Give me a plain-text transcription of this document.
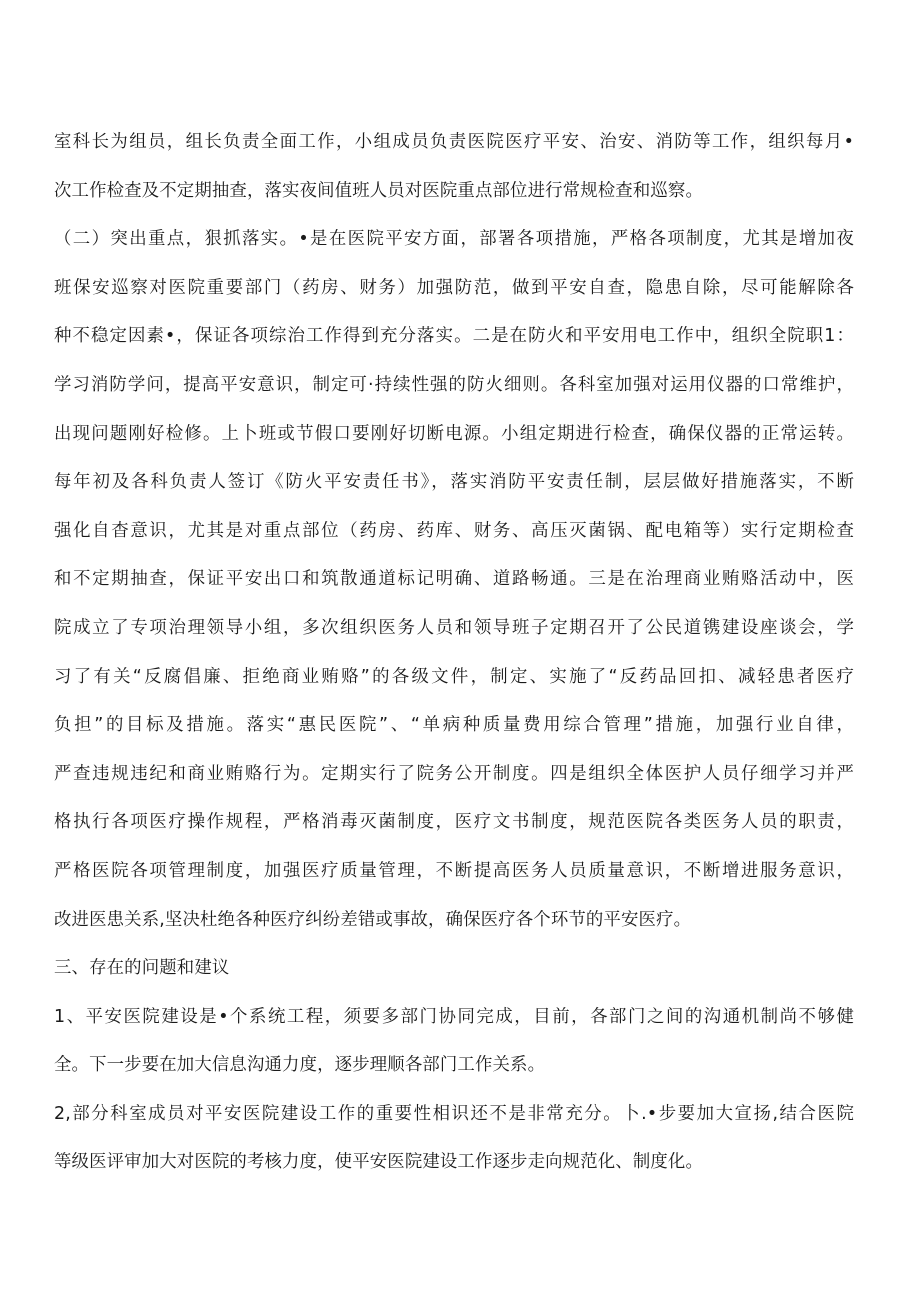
室科长为组员，组长负责全面工作，小组成员负责医院医疗平安、治安、消防等工作，组织每月•
次工作检查及不定期抽查，落实夜间值班人员对医院重点部位进行常规检查和巡察。
（二）突出重点，狠抓落实。•是在医院平安方面，部署各项措施，严格各项制度，尤其是增加夜
班保安巡察对医院重要部门（药房、财务）加强防范，做到平安自查，隐患自除，尽可能解除各
种不稳定因素•，保证各项综治工作得到充分落实。二是在防火和平安用电工作中，组织全院职1：
学习消防学问，提高平安意识，制定可·持续性强的防火细则。各科室加强对运用仪器的口常维护，
出现问题刚好检修。上卜班或节假口要刚好切断电源。小组定期进行检查，确保仪器的正常运转。
每年初及各科负责人签订《防火平安责任书》，落实消防平安责任制，层层做好措施落实，不断
强化自杳意识，尤其是对重点部位（药房、药库、财务、高压灭菌锅、配电箱等）实行定期检查
和不定期抽查，保证平安出口和筑散通道标记明确、道路畅通。三是在治理商业贿赂活动中，医
院成立了专项治理领导小组，多次组织医务人员和领导班子定期召开了公民道镌建设座谈会，学
习了有关“反腐倡廉、拒绝商业贿赂”的各级文件，制定、实施了“反药品回扣、减轻患者医疗
负担”的目标及措施。落实“惠民医院”、“单病种质量费用综合管理”措施，加强行业自律，
严查违规违纪和商业贿赂行为。定期实行了院务公开制度。四是组织全体医护人员仔细学习并严
格执行各项医疗操作规程，严格消毒灭菌制度，医疗文书制度，规范医院各类医务人员的职责，
严格医院各项管理制度，加强医疗质量管理，不断提高医务人员质量意识，不断增进服务意识，
改进医患关系,坚决杜绝各种医疗纠纷差错或事故，确保医疗各个环节的平安医疗。
三、存在的问题和建议
1、平安医院建设是•个系统工程，须要多部门协同完成，目前，各部门之间的沟通机制尚不够健
全。下一步要在加大信息沟通力度，逐步理顺各部门工作关系。
2,部分科室成员对平安医院建设工作的重要性相识还不是非常充分。卜.•步要加大宣扬,结合医院
等级医评审加大对医院的考核力度，使平安医院建设工作逐步走向规范化、制度化。
